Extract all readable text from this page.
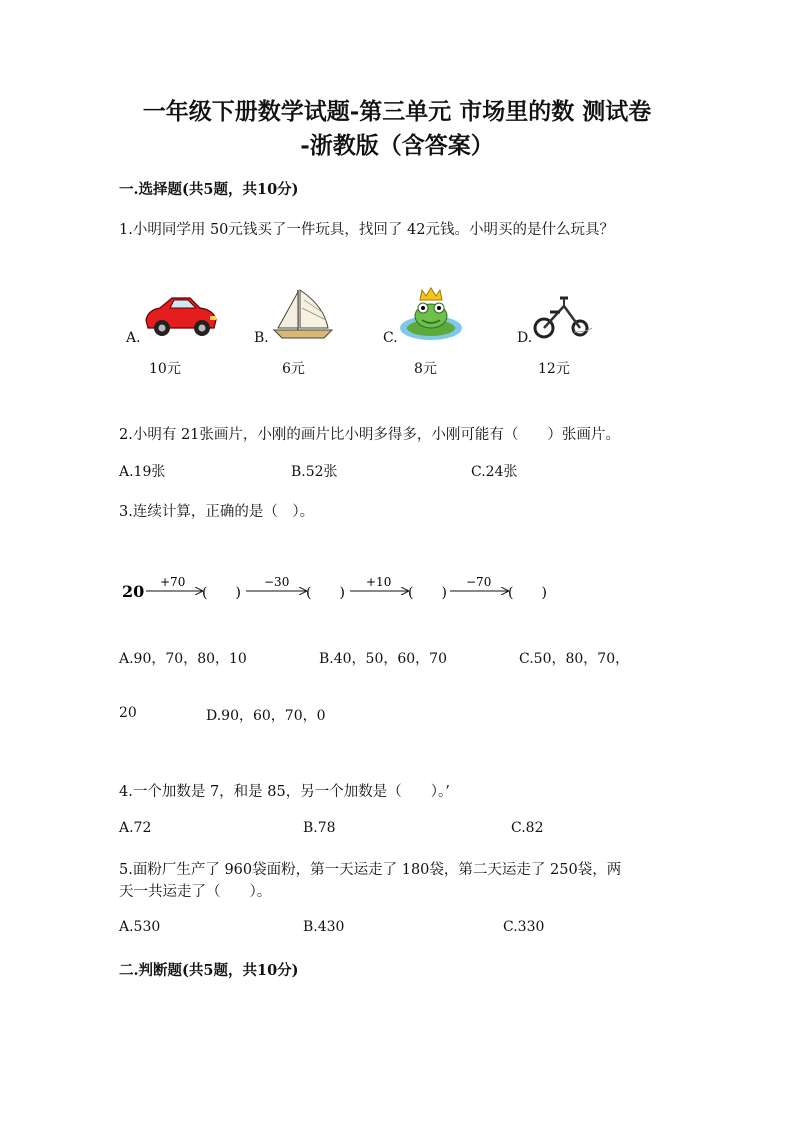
一年级下册数学试题-第三单元 市场里的数 测试卷
-浙教版（含答案）
一.选择题(共5题，共10分)
1.小明同学用 50元钱买了一件玩具，找回了 42元钱。小明买的是什么玩具？
A.	B.	C.	D.
10元	6元	8元	12元
2.小明有 21张画片，小刚的画片比小明多得多，小刚可能有（　　）张画片。
A.19张	B.52张	C.24张
3.连续计算，正确的是（　）。
20 +70
(　　)
−30
(　　)
+10
(　　)
−70
(　　)
A.90，70，80，10	B.40，50，60，70	C.50，80，70，
20	D.90，60，70，0
4.一个加数是 7，和是 85，另一个加数是（　　）。’
A.72	B.78	C.82
5.面粉厂生产了 960袋面粉，第一天运走了 180袋，第二天运走了 250袋，两
天一共运走了（　　）。
A.530	B.430	C.330
二.判断题(共5题，共10分)
